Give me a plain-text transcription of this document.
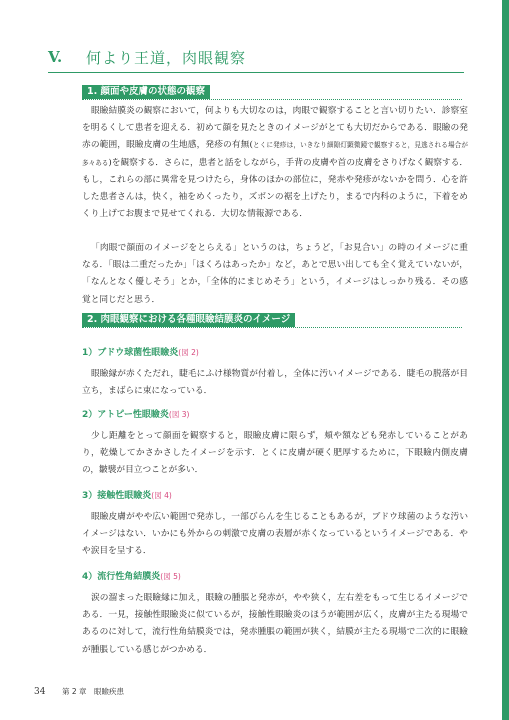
V. 何より王道，肉眼観察
1. 顔面や皮膚の状態の観察

眼瞼結膜炎の観察において，何よりも大切なのは，肉眼で観察することと言い切りたい．診察室を明るくして患者を迎える．初めて顔を見たときのイメージがとても大切だからである．眼瞼の発赤の範囲，眼瞼皮膚の生地感，発疹の有無(とくに発疹は，いきなり細隙灯顕微鏡で観察すると，見逃される場合が多々ある)を観察する．さらに，患者と話をしながら，手背の皮膚や首の皮膚をさりげなく観察する．もし，これらの部に異常を見つけたら，身体のほかの部位に，発赤や発疹がないかを問う．心を許した患者さんは，快く，袖をめくったり，ズボンの裾を上げたり，まるで内科のように，下着をめくり上げてお腹まで見せてくれる．大切な情報源である．

「肉眼で顔面のイメージをとらえる」というのは，ちょうど，「お見合い」の時のイメージに重なる．「眼は二重だったか」「ほくろはあったか」など，あとで思い出しても全く覚えていないが，「なんとなく優しそう」とか，「全体的にまじめそう」という，イメージはしっかり残る．その感覚と同じだと思う．

2. 肉眼観察における各種眼瞼結膜炎のイメージ
1）ブドウ球菌性眼瞼炎(図 2)

眼瞼縁が赤くただれ，睫毛にふけ様物質が付着し，全体に汚いイメージである．睫毛の脱落が目立ち，まばらに束になっている．

2）アトピー性眼瞼炎(図 3)

少し距離をとって顔面を観察すると，眼瞼皮膚に限らず，頬や額なども発赤していることがあり，乾燥してかさかさしたイメージを示す．とくに皮膚が硬く肥厚するために，下眼瞼内側皮膚の，皺襞が目立つことが多い．

3）接触性眼瞼炎(図 4)

眼瞼皮膚がやや広い範囲で発赤し，一部びらんを生じることもあるが，ブドウ球菌のような汚いイメージはない．いかにも外からの刺激で皮膚の表層が赤くなっているというイメージである．やや涙目を呈する．

4）流行性角結膜炎(図 5)

涙の溜まった眼瞼縁に加え，眼瞼の腫脹と発赤が，やや狭く，左右差をもって生じるイメージである．一見，接触性眼瞼炎に似ているが，接触性眼瞼炎のほうが範囲が広く，皮膚が主たる現場であるのに対して，流行性角結膜炎では，発赤腫脹の範囲が狭く，結膜が主たる現場で二次的に眼瞼が腫脹している感じがつかめる．

34 第 2 章　眼瞼疾患
